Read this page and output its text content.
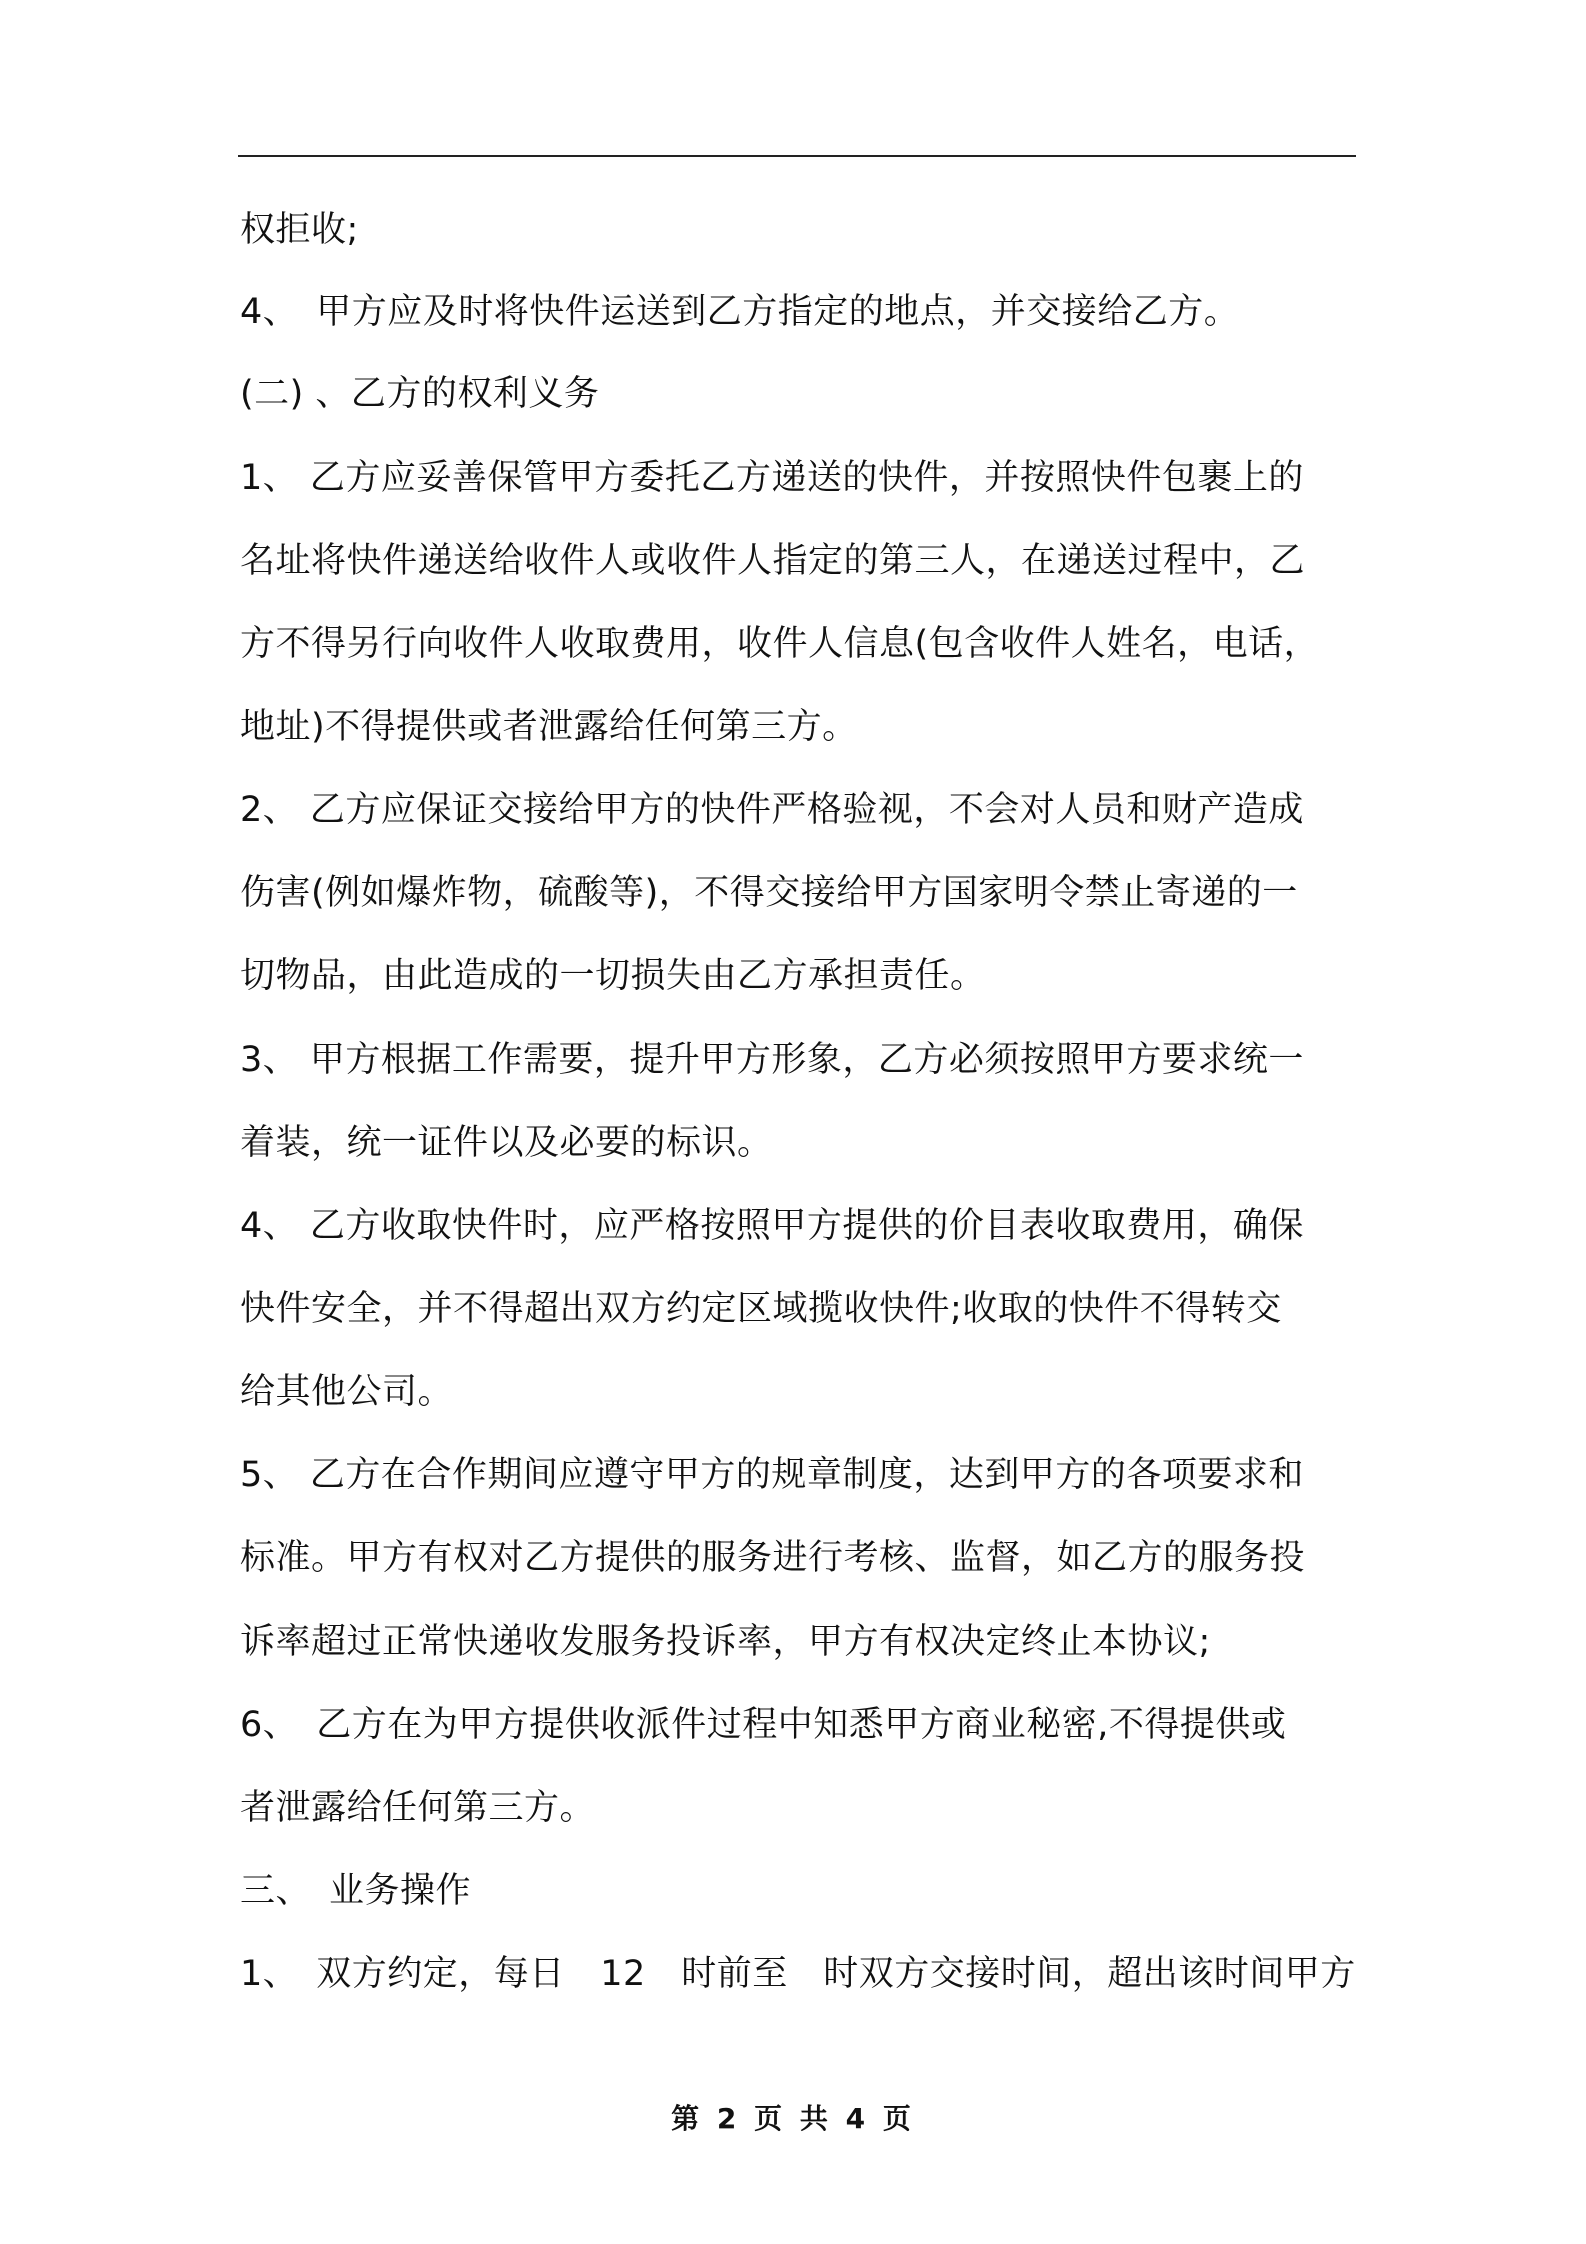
权拒收;
4、　甲方应及时将快件运送到乙方指定的地点，并交接给乙方。
(二) 、乙方的权利义务
1、 乙方应妥善保管甲方委托乙方递送的快件，并按照快件包裹上的
名址将快件递送给收件人或收件人指定的第三人，在递送过程中，乙
方不得另行向收件人收取费用，收件人信息(包含收件人姓名，电话，
地址)不得提供或者泄露给任何第三方。
2、 乙方应保证交接给甲方的快件严格验视，不会对人员和财产造成
伤害(例如爆炸物，硫酸等)，不得交接给甲方国家明令禁止寄递的一
切物品，由此造成的一切损失由乙方承担责任。
3、 甲方根据工作需要，提升甲方形象，乙方必须按照甲方要求统一
着装，统一证件以及必要的标识。
4、 乙方收取快件时，应严格按照甲方提供的价目表收取费用，确保
快件安全，并不得超出双方约定区域揽收快件;收取的快件不得转交
给其他公司。
5、 乙方在合作期间应遵守甲方的规章制度，达到甲方的各项要求和
标准。甲方有权对乙方提供的服务进行考核、监督，如乙方的服务投
诉率超过正常快递收发服务投诉率，甲方有权决定终止本协议;
6、　乙方在为甲方提供收派件过程中知悉甲方商业秘密,不得提供或
者泄露给任何第三方。
三、　业务操作
1、　双方约定，每日　12　时前至　时双方交接时间，超出该时间甲方
第 2 页 共 4 页
